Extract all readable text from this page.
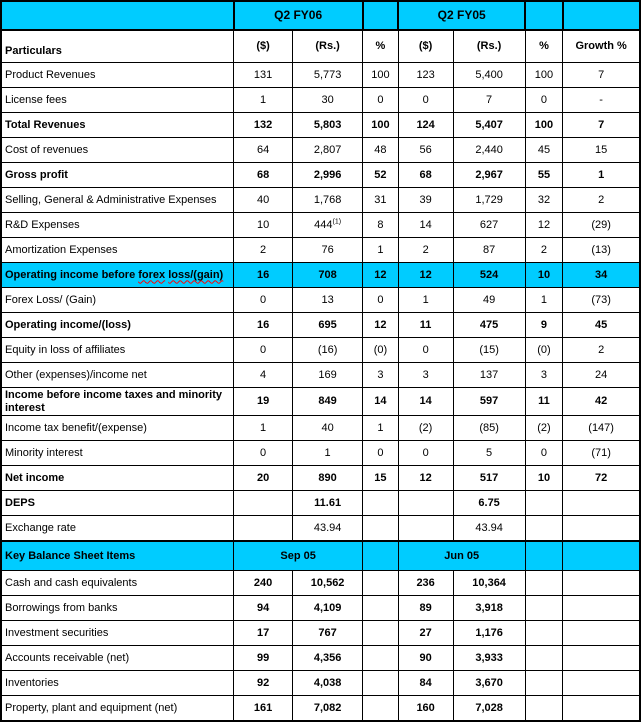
	Q2 FY06			Q2 FY05			
Particulars	($)	(Rs.)	%	($)	(Rs.)	%	Growth %
Product Revenues	131	5,773	100	123	5,400	100	7
License fees	1	30	0	0	7	0	-
Total Revenues	132	5,803	100	124	5,407	100	7
Cost of revenues	64	2,807	48	56	2,440	45	15
Gross profit	68	2,996	52	68	2,967	55	1
Selling, General & Administrative Expenses	40	1,768	31	39	1,729	32	2
R&D Expenses	10	444$^{(1)}$	8	14	627	12	(29)
Amortization Expenses	2	76	1	2	87	2	(13)
Operating income before forex loss/(gain)	16	708	12	12	524	10	34
Forex Loss/ (Gain)	0	13	0	1	49	1	(73)
Operating income/(loss)	16	695	12	11	475	9	45
Equity in loss of affiliates	0	(16)	(0)	0	(15)	(0)	2
Other (expenses)/income net	4	169	3	3	137	3	24
Income before income taxes and minority interest	19	849	14	14	597	11	42
Income tax benefit/(expense)	1	40	1	(2)	(85)	(2)	(147)
Minority interest	0	1	0	0	5	0	(71)
Net income	20	890	15	12	517	10	72
DEPS		11.61			6.75		
Exchange rate		43.94			43.94		
Key Balance Sheet Items	Sep 05			Jun 05			
Cash and cash equivalents	240	10,562		236	10,364		
Borrowings from banks	94	4,109		89	3,918		
Investment securities	17	767		27	1,176		
Accounts receivable (net)	99	4,356		90	3,933		
Inventories	92	4,038		84	3,670		
Property, plant and equipment (net)	161	7,082		160	7,028		
